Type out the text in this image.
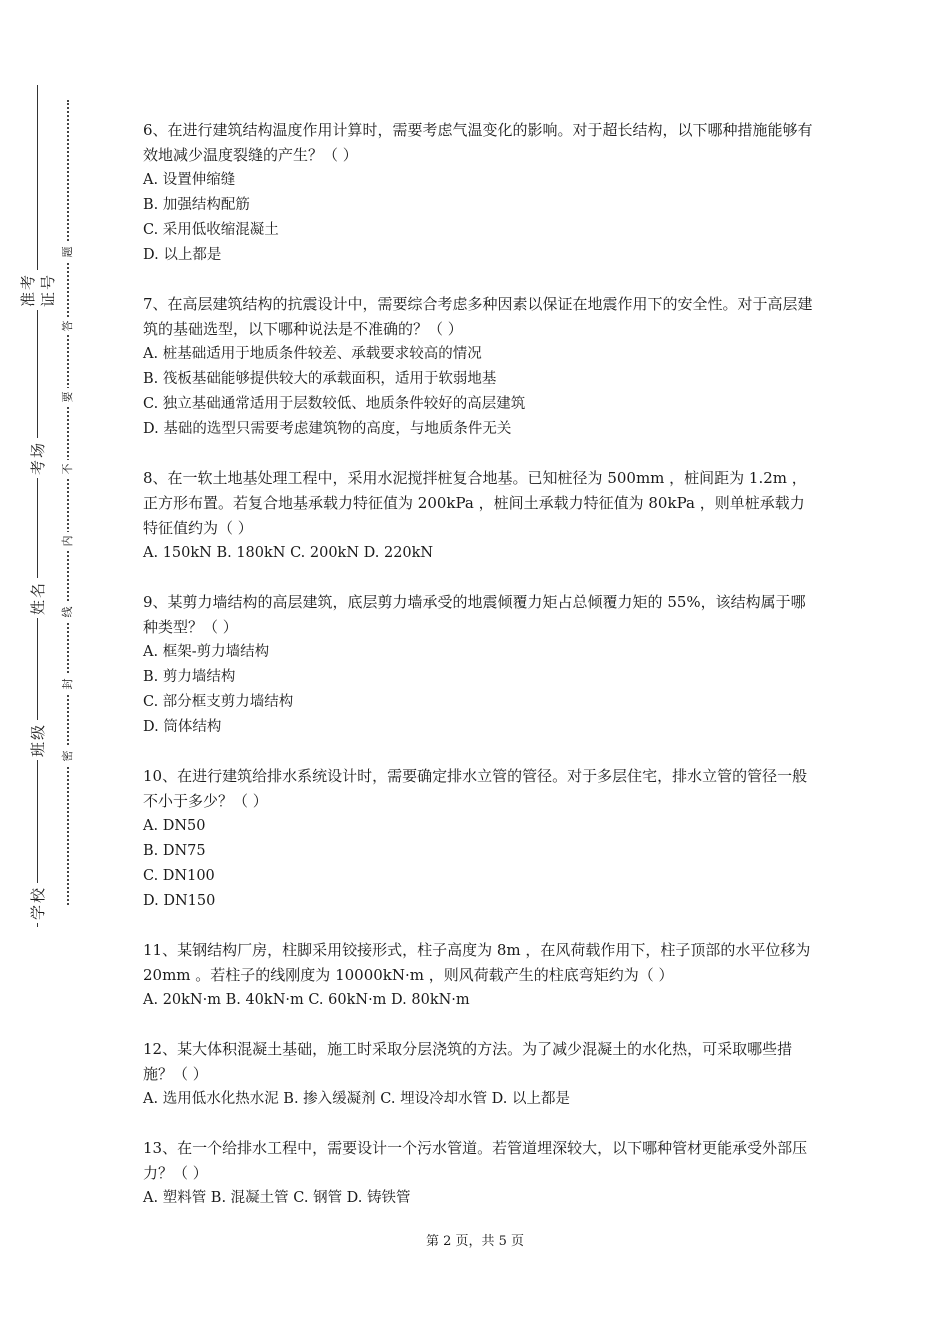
准考证号
考场
姓名
班级
学校
题
答
要
不
内
线
封
密

6、在进行建筑结构温度作用计算时，需要考虑气温变化的影响。对于超长结构，以下哪种措施能够有效地减少温度裂缝的产生？（ ）

A. 设置伸缩缝

B. 加强结构配筋

C. 采用低收缩混凝土

D. 以上都是

7、在高层建筑结构的抗震设计中，需要综合考虑多种因素以保证在地震作用下的安全性。对于高层建筑的基础选型，以下哪种说法是不准确的？（ ）

A. 桩基础适用于地质条件较差、承载要求较高的情况

B. 筏板基础能够提供较大的承载面积，适用于软弱地基

C. 独立基础通常适用于层数较低、地质条件较好的高层建筑

D. 基础的选型只需要考虑建筑物的高度，与地质条件无关

8、在一软土地基处理工程中，采用水泥搅拌桩复合地基。已知桩径为 500mm ，桩间距为 1.2m ，正方形布置。若复合地基承载力特征值为 200kPa ，桩间土承载力特征值为 80kPa ，则单桩承载力特征值约为（ ）

A. 150kN B. 180kN C. 200kN D. 220kN

9、某剪力墙结构的高层建筑，底层剪力墙承受的地震倾覆力矩占总倾覆力矩的 55%，该结构属于哪种类型？（ ）

A. 框架-剪力墙结构

B. 剪力墙结构

C. 部分框支剪力墙结构

D. 筒体结构

10、在进行建筑给排水系统设计时，需要确定排水立管的管径。对于多层住宅，排水立管的管径一般不小于多少？（ ）

A. DN50

B. DN75

C. DN100

D. DN150

11、某钢结构厂房，柱脚采用铰接形式，柱子高度为 8m ，在风荷载作用下，柱子顶部的水平位移为 20mm 。若柱子的线刚度为 10000kN·m ，则风荷载产生的柱底弯矩约为（ ）

A. 20kN·m B. 40kN·m C. 60kN·m D. 80kN·m

12、某大体积混凝土基础，施工时采取分层浇筑的方法。为了减少混凝土的水化热，可采取哪些措施？（ ）

A. 选用低水化热水泥 B. 掺入缓凝剂 C. 埋设冷却水管 D. 以上都是

13、在一个给排水工程中，需要设计一个污水管道。若管道埋深较大，以下哪种管材更能承受外部压力？（ ）

A. 塑料管 B. 混凝土管 C. 钢管 D. 铸铁管

第 2 页，共 5 页
